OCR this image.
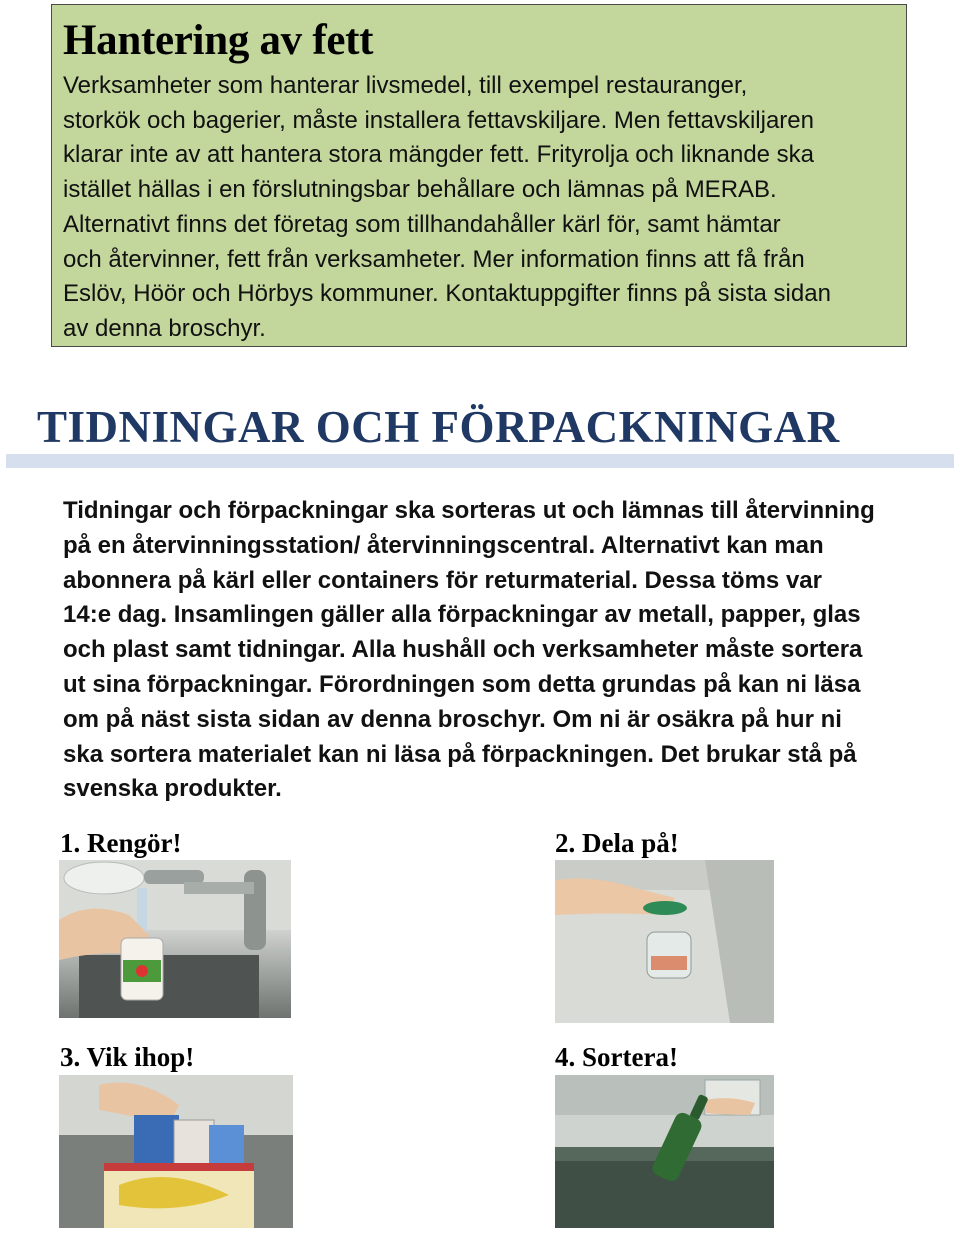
Hantering av fett
Verksamheter som hanterar livsmedel, till exempel restauranger,
storkök och bagerier, måste installera fettavskiljare. Men fettavskiljaren
klarar inte av att hantera stora mängder fett. Frityrolja och liknande ska
istället hällas i en förslutningsbar behållare och lämnas på MERAB.
Alternativt finns det företag som tillhandahåller kärl för, samt hämtar
och återvinner, fett från verksamheter. Mer information finns att få från
Eslöv, Höör och Hörbys kommuner. Kontaktuppgifter finns på sista sidan
av denna broschyr.
TIDNINGAR OCH FÖRPACKNINGAR
Tidningar och förpackningar ska sorteras ut och lämnas till återvinning
på en återvinningsstation/ återvinningscentral. Alternativt kan man
abonnera på kärl eller containers för returmaterial. Dessa töms var
14:e dag. Insamlingen gäller alla förpackningar av metall, papper, glas
och plast samt tidningar. Alla hushåll och verksamheter måste sortera
ut sina förpackningar. Förordningen som detta grundas på kan ni läsa
om på näst sista sidan av denna broschyr. Om ni är osäkra på hur ni
ska sortera materialet kan ni läsa på förpackningen. Det brukar stå på
svenska produkter.
1. Rengör!	2. Dela på!
3. Vik ihop!	4. Sortera!
